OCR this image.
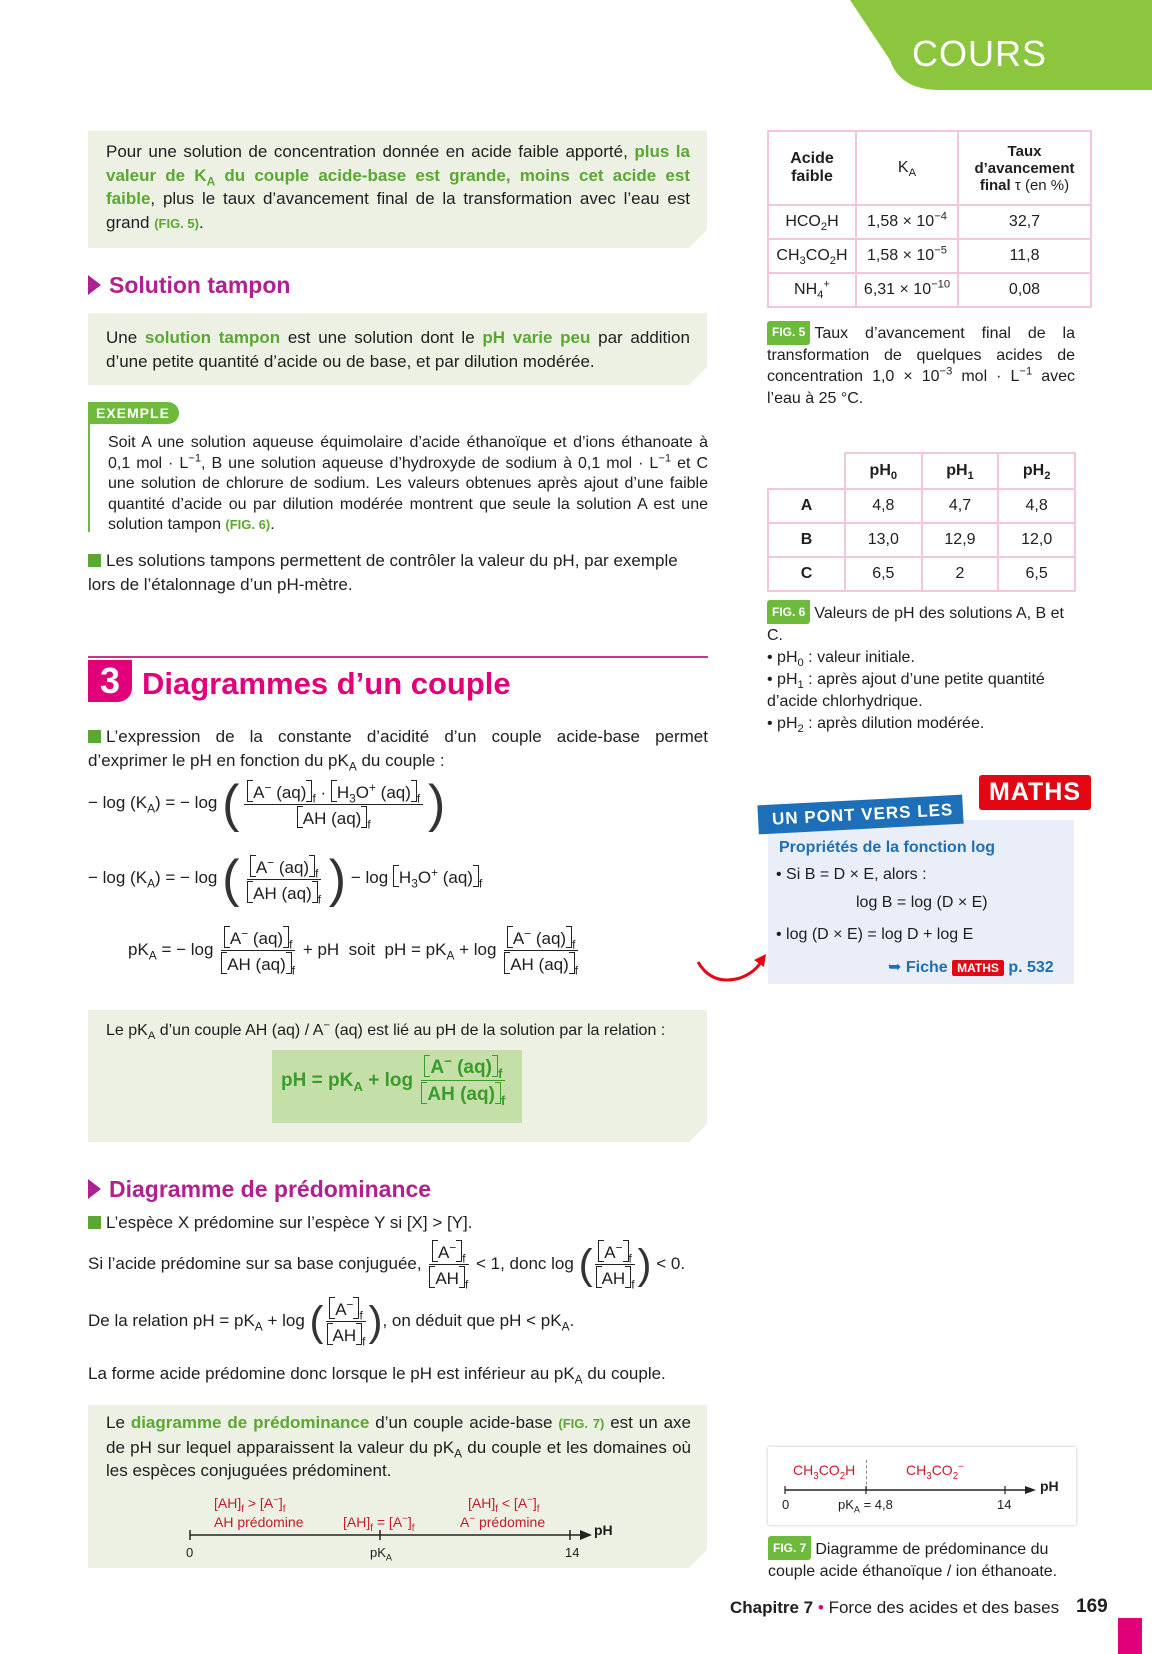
COURS
Pour une solution de concentration donnée en acide faible apporté, plus la valeur de $K_A$ du couple acide-base est grande, moins cet acide est faible, plus le taux d’avancement final de la transformation avec l’eau est grand (FIG. 5).
Solution tampon
Une solution tampon est une solution dont le pH varie peu par addition d’une petite quantité d’acide ou de base, et par dilution modérée.
EXEMPLE
Soit A une solution aqueuse équimolaire d’acide éthanoïque et d’ions éthanoate à 0,1 mol · $L^{-1}$, B une solution aqueuse d’hydroxyde de sodium à 0,1 mol · $L^{-1}$ et C une solution de chlorure de sodium. Les valeurs obtenues après ajout d’une faible quantité d’acide ou par dilution modérée montrent que seule la solution A est une solution tampon (FIG. 6).
Les solutions tampons permettent de contrôler la valeur du pH, par exemple lors de l’étalonnage d’un pH-mètre.
3 Diagrammes d’un couple
L’expression de la constante d’acidité d’un couple acide-base permet d’exprimer le pH en fonction du $pK_A$ du couple :
− $\log (K_A)$ = − log ( $\frac{A^- (aq) _f \cdot H_3O^+ (aq) _f}{AH (aq) _f}$ )
− $\log (K_A)$ = − log ( $\frac{A^- (aq) _f}{AH (aq) _f}$ ) − $\log H_3O^+$ (aq) $_f$
$pK_A$ = − $\log \frac{A^- (aq) _f}{AH (aq) _f}$ + pH  soit  pH = $pK_A + \log \frac{A^- (aq) _f}{AH (aq) _f}$
Le $pK_A$ d’un couple AH (aq) / A− (aq) est lié au pH de la solution par la relation :
pH = $pK_A + \log \frac{A^- (aq) _f}{AH (aq) _f}$
Diagramme de prédominance
L’espèce X prédomine sur l’espèce Y si [X] > [Y].
Si l’acide prédomine sur sa base conjuguée, $\frac{A^-_f}{AH _f} < 1$, donc log ( $\frac{A^-_f}{AH _f}$ ) < 0.
De la relation pH = $pK_A + \log$ ( $\frac{A^-_f}{AH _f}$ ), on déduit que pH < $pK_A$.
La forme acide prédomine donc lorsque le pH est inférieur au $pK_A$ du couple.
Le diagramme de prédominance d’un couple acide-base (FIG. 7) est un axe de pH sur lequel apparaissent la valeur du $pK_A$ du couple et les domaines où les espèces conjuguées prédominent.
$[AH]_f > [A^-]_f$
AH prédomine	$[AH]_f = [A^-]_f$
$[AH]_f < [A^-]_f$
A− prédomine	pH
0	$pK_A$	14
Acide
faible	$K_A$	Taux
d’avancement
final τ (en %)
$HCO_2H$	$1,58 \times 10^{-4}$	32,7
$CH_3CO_2H$	$1,58 \times 10^{-5}$	11,8
$NH_4^+$	$6,31 \times 10^{-10}$	0,08
FIG. 5 Taux d’avancement final de la transformation de quelques acides de concentration $1,0 \times 10^{-3}$ mol · $L^{-1}$ avec l’eau à 25 °C.
	$pH_0$	$pH_1$	$pH_2$
A	4,8	4,7	4,8
B	13,0	12,9	12,0
C	6,5	2	6,5
FIG. 6 Valeurs de pH des solutions A, B et C.
• $pH_0$ : valeur initiale.
• $pH_1$ : après ajout d’une petite quantité d’acide chlorhydrique.
• $pH_2$ : après dilution modérée.
UN PONT VERS LES
MATHS
Propriétés de la fonction log
• Si B = D × E, alors :
log B = log (D × E)
• log (D × E) = log D + log E
➥ Fiche MATHS p. 532
$CH_3CO_2H$	$CH_3CO_2^-$
pH
0	$pK_A = 4,8$	14
FIG. 7 Diagramme de prédominance du couple acide éthanoïque / ion éthanoate.
Chapitre 7 • Force des acides et des bases 169
